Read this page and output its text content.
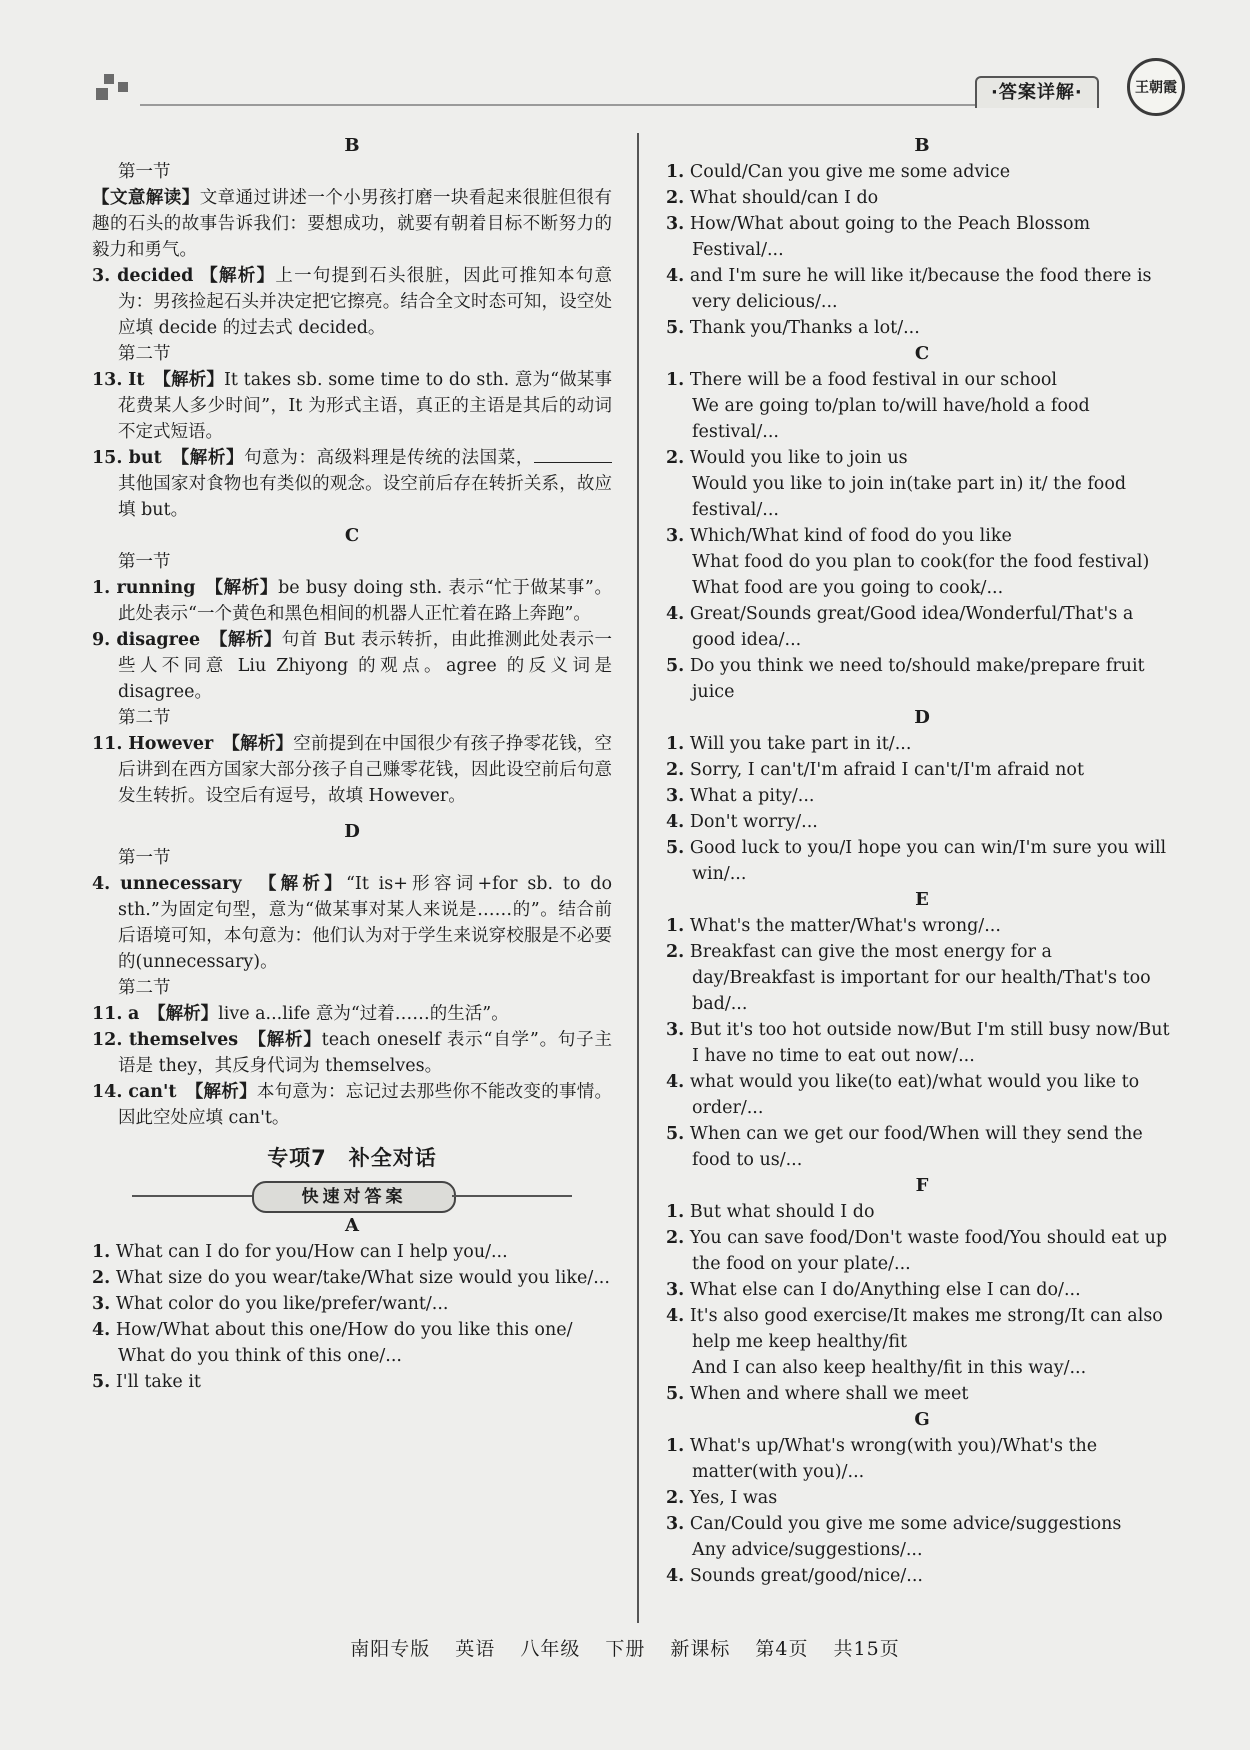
·答案详解·	王朝霞
B
第一节
【文意解读】文章通过讲述一个小男孩打磨一块看起来很脏但很有趣的石头的故事告诉我们：要想成功，就要有朝着目标不断努力的毅力和勇气。
3. decided 【解析】上一句提到石头很脏，因此可推知本句意为：男孩捡起石头并决定把它擦亮。结合全文时态可知，设空处应填 decide 的过去式 decided。
第二节
13. It　 【解析】It takes sb. some time to do sth. 意为“做某事花费某人多少时间”，It 为形式主语，真正的主语是其后的动词不定式短语。
15. but　 【解析】句意为：高级料理是传统的法国菜，其他国家对食物也有类似的观念。设空前后存在转折关系，故应填 but。
C
第一节
1. running　 【解析】be busy doing sth. 表示“忙于做某事”。此处表示“一个黄色和黑色相间的机器人正忙着在路上奔跑”。
9. disagree　 【解析】句首 But 表示转折，由此推测此处表示一些人不同意 Liu Zhiyong 的观点。agree 的反义词是 disagree。
第二节
11. However　 【解析】空前提到在中国很少有孩子挣零花钱，空后讲到在西方国家大部分孩子自己赚零花钱，因此设空前后句意发生转折。设空后有逗号，故填 However。
D
第一节
4. unnecessary　 【解析】“It is+形容词+for sb. to do sth.”为固定句型，意为“做某事对某人来说是……的”。结合前后语境可知，本句意为：他们认为对于学生来说穿校服是不必要的(unnecessary)。
第二节
11. a　 【解析】live a...life 意为“过着……的生活”。
12. themselves　 【解析】teach oneself 表示“自学”。句子主语是 they，其反身代词为 themselves。
14. can't　 【解析】本句意为：忘记过去那些你不能改变的事情。因此空处应填 can't。
专项7　补全对话
快速对答案
A
1. What can I do for you/How can I help you/...
2. What size do you wear/take/What size would you like/...
3. What color do you like/prefer/want/...
4. How/What about this one/How do you like this one/ What do you think of this one/...
5. I'll take it
B
1. Could/Can you give me some advice
2. What should/can I do
3. How/What about going to the Peach Blossom Festival/...
4. and I'm sure he will like it/because the food there is very delicious/...
5. Thank you/Thanks a lot/...
C
1. There will be a food festival in our school
We are going to/plan to/will have/hold a food festival/...
2. Would you like to join us
Would you like to join in(take part in) it/ the food festival/...
3. Which/What kind of food do you like
What food do you plan to cook(for the food festival)
What food are you going to cook/...
4. Great/Sounds great/Good idea/Wonderful/That's a good idea/...
5. Do you think we need to/should make/prepare fruit juice
D
1. Will you take part in it/...
2. Sorry, I can't/I'm afraid I can't/I'm afraid not
3. What a pity/...
4. Don't worry/...
5. Good luck to you/I hope you can win/I'm sure you will win/...
E
1. What's the matter/What's wrong/...
2. Breakfast can give the most energy for a day/Breakfast is important for our health/That's too bad/...
3. But it's too hot outside now/But I'm still busy now/But I have no time to eat out now/...
4. what would you like(to eat)/what would you like to order/...
5. When can we get our food/When will they send the food to us/...
F
1. But what should I do
2. You can save food/Don't waste food/You should eat up the food on your plate/...
3. What else can I do/Anything else I can do/...
4. It's also good exercise/It makes me strong/It can also help me keep healthy/fit
And I can also keep healthy/fit in this way/...
5. When and where shall we meet
G
1. What's up/What's wrong(with you)/What's the matter(with you)/...
2. Yes, I was
3. Can/Could you give me some advice/suggestions
Any advice/suggestions/...
4. Sounds great/good/nice/...
南阳专版 英语 八年级 下册 新课标 第4页 共15页
